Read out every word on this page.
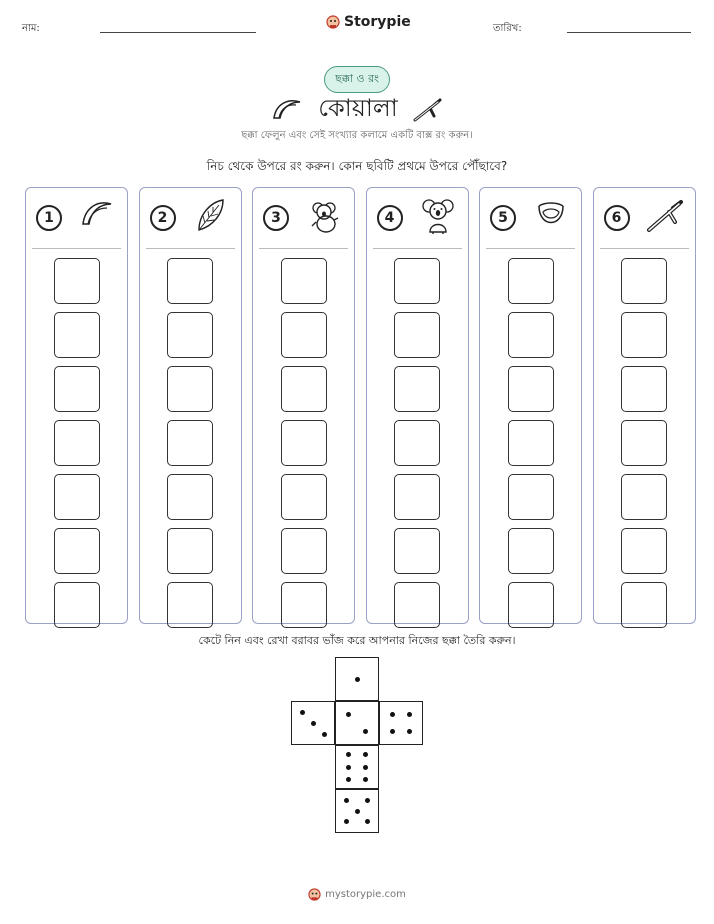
নাম:	Storypie	তারিখ:
ছক্কা ও রং
কোয়ালা
ছক্কা ফেলুন এবং সেই সংখ্যার কলামে একটি বাক্স রং করুন।
নিচ থেকে উপরে রং করুন। কোন ছবিটি প্রথমে উপরে পৌঁছাবে?
1	2	3	4	5	6
কেটে নিন এবং রেখা বরাবর ভাঁজ করে আপনার নিজের ছক্কা তৈরি করুন।
mystorypie.com
